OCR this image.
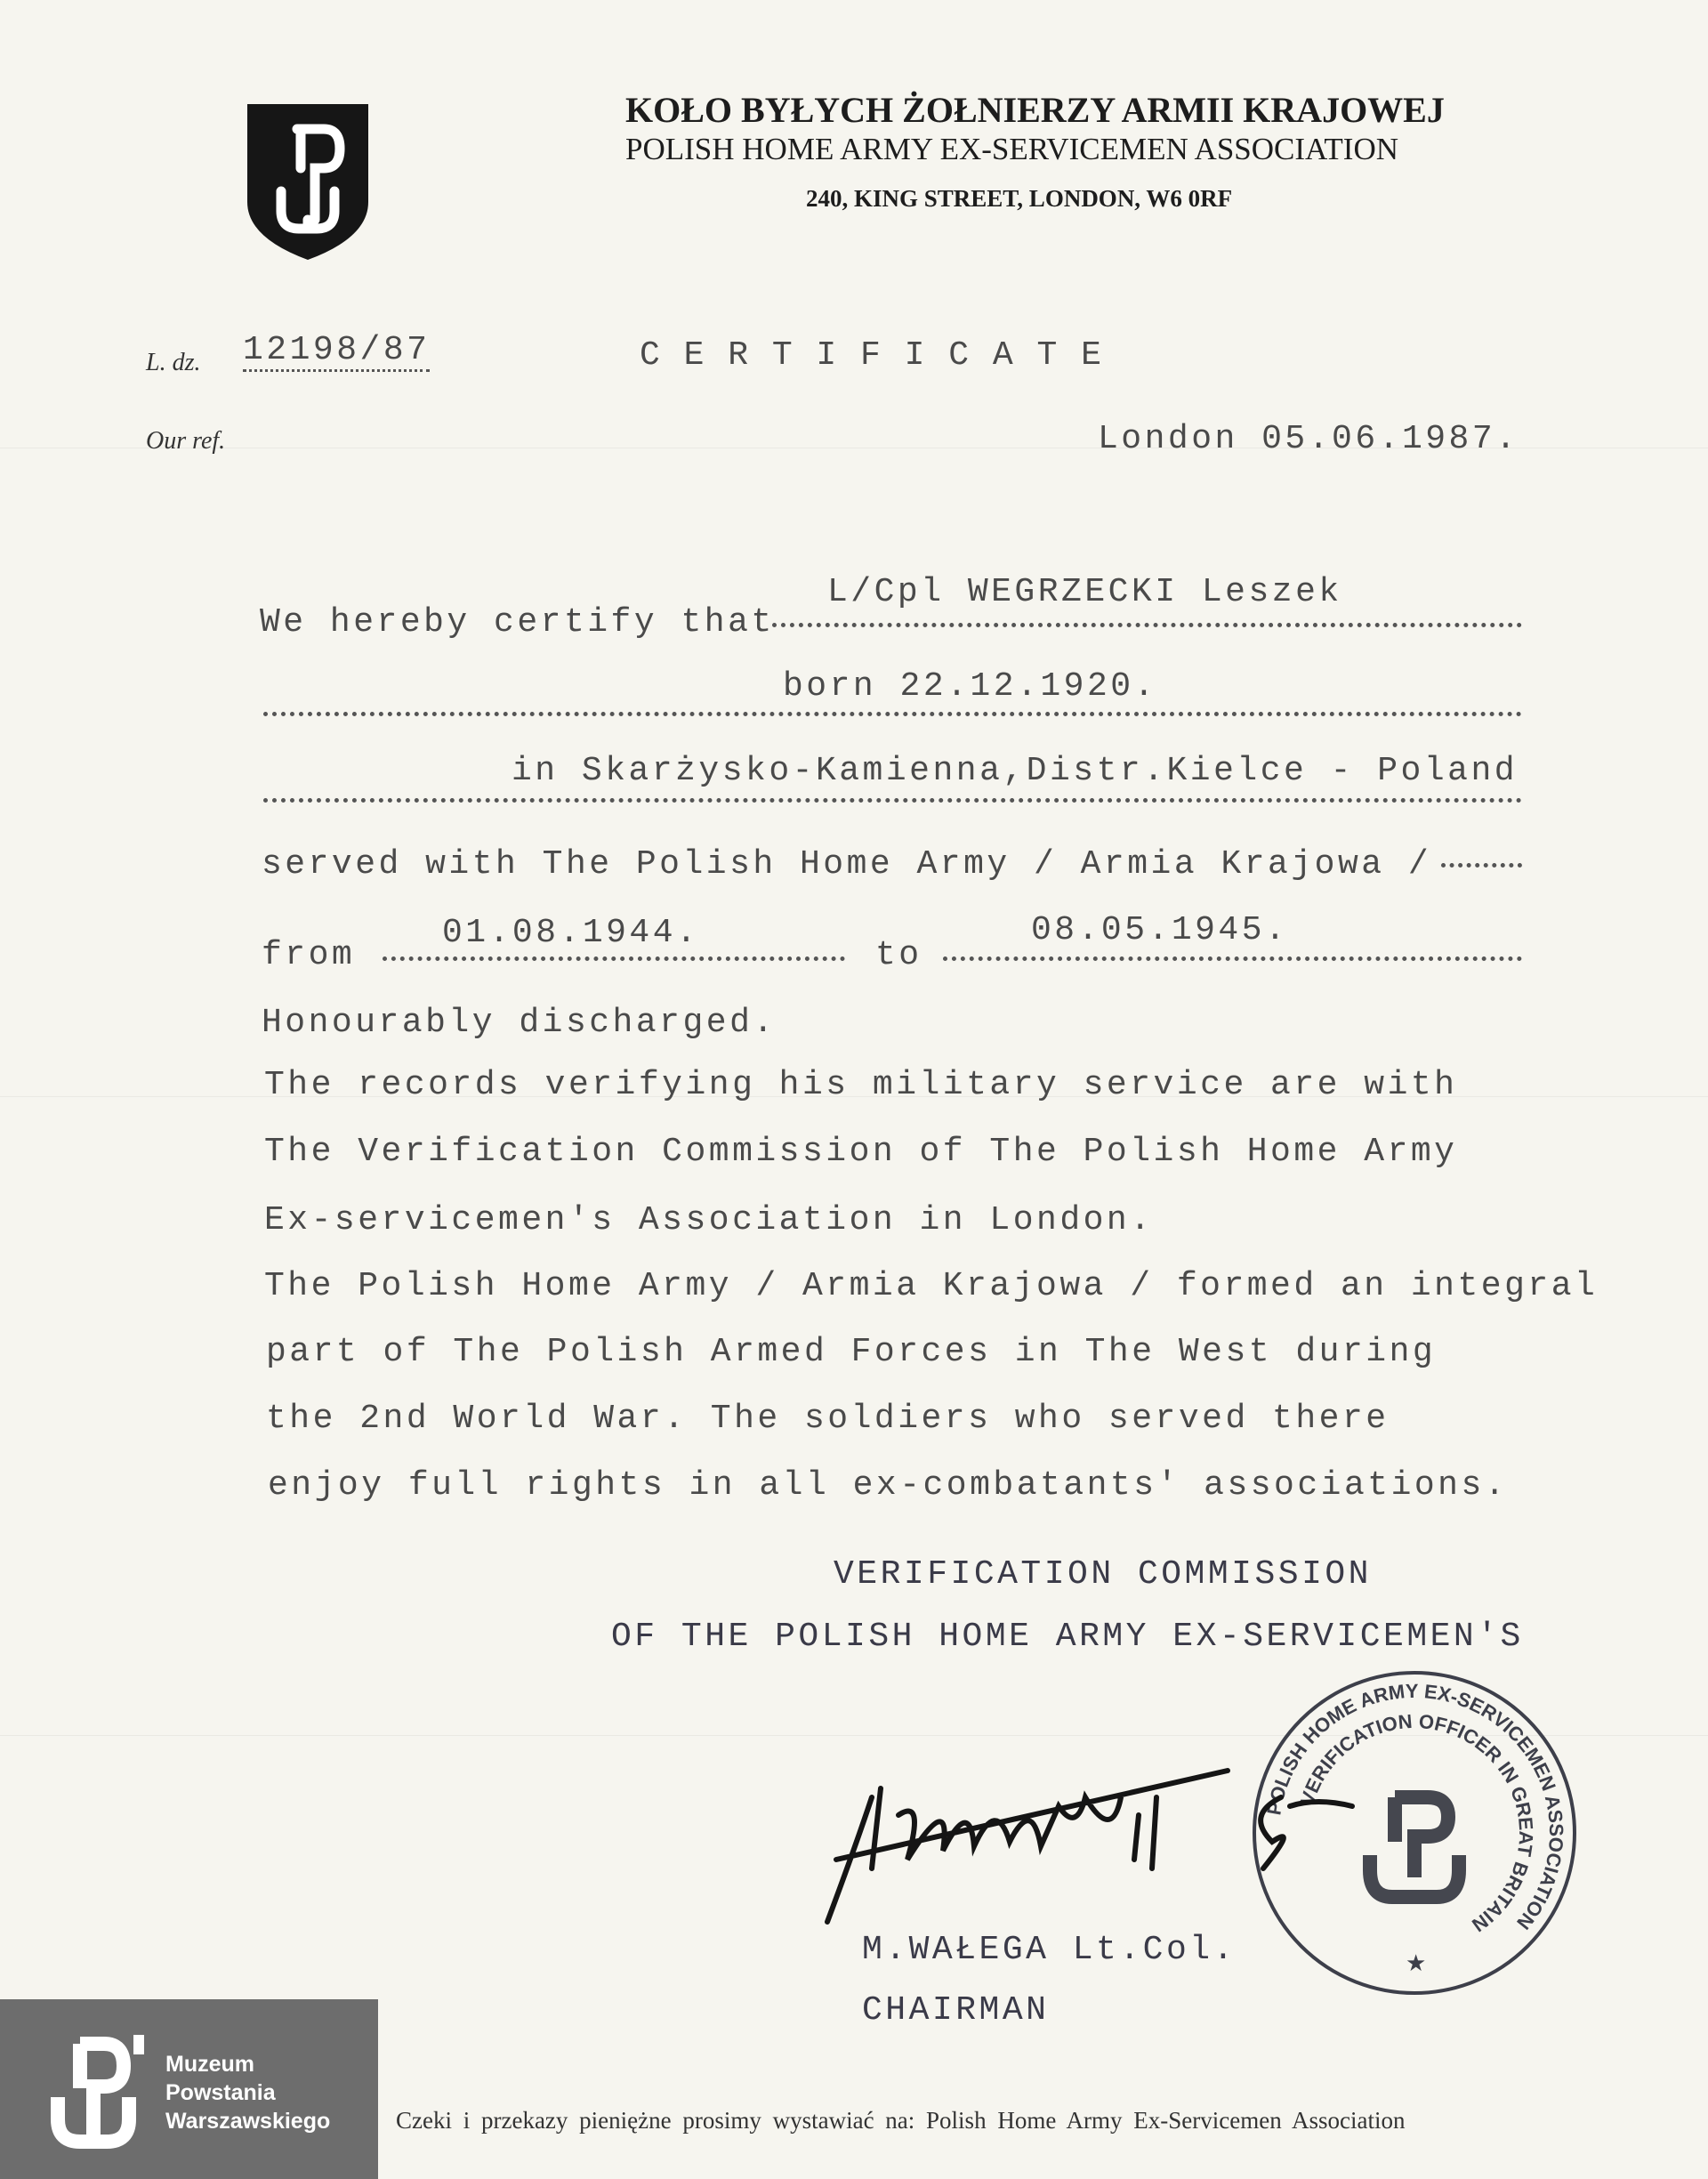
KOŁO BYŁYCH ŻOŁNIERZY ARMII KRAJOWEJ
POLISH HOME ARMY EX-SERVICEMEN ASSOCIATION
240, KING STREET, LONDON, W6 0RF
L. dz. 12198/87	C E R T I F I C A T E
Our ref.	London 05.06.1987.
We hereby certify that
L/Cpl WEGRZECKI Leszek
born 22.12.1920.
in Skarżysko-Kamienna,Distr.Kielce - Poland
served with The Polish Home Army / Armia Krajowa /
from
01.08.1944.
to
08.05.1945.
Honourably discharged.
The records verifying his military service are with
The Verification Commission of The Polish Home Army
Ex-servicemen's Association in London.
The Polish Home Army / Armia Krajowa / formed an integral
part of The Polish Armed Forces in The West during
the 2nd World War. The soldiers who served there
enjoy full rights in all ex-combatants' associations.
VERIFICATION COMMISSION
OF THE POLISH HOME ARMY EX-SERVICEMEN'S
POLISH HOME ARMY EX-SERVICEMEN ASSOCIATION
VERIFICATION OFFICER IN GREAT BRITAIN
★
M.WAŁEGA Lt.Col.
CHAIRMAN
Czeki i przekazy pieniężne prosimy wystawiać na: Polish Home Army Ex-Servicemen Association
Muzeum
Powstania
Warszawskiego
